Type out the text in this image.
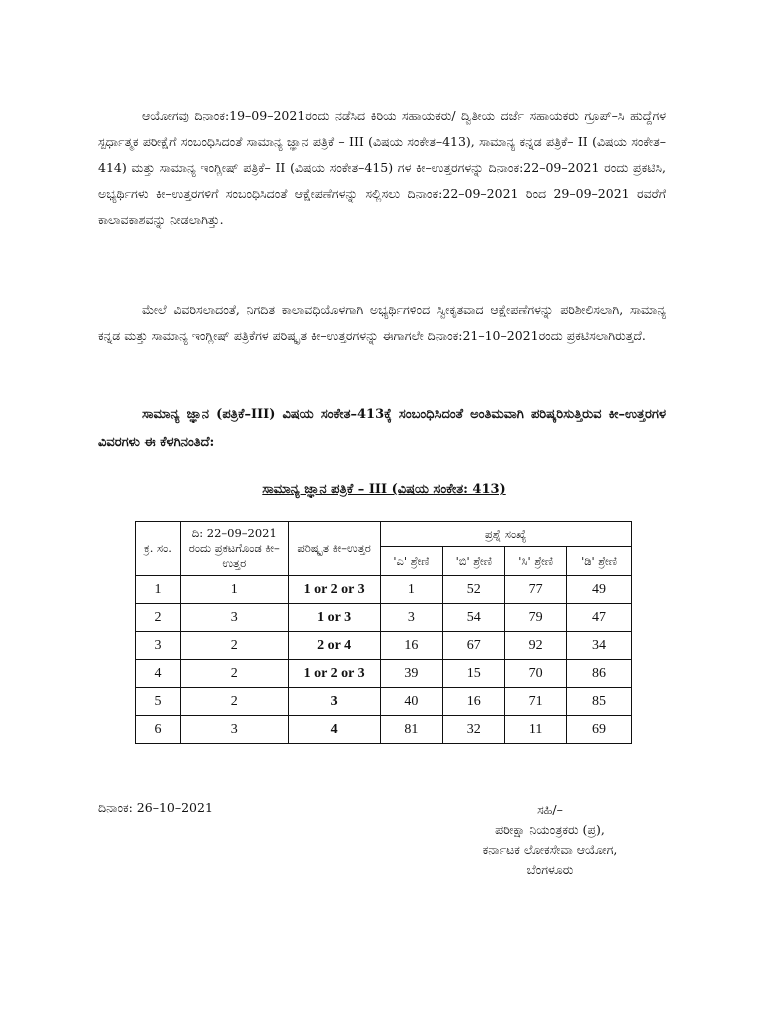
ಆಯೋಗವು ದಿನಾಂಕ:19–09–2021ರಂದು ನಡೆಸಿದ ಕಿರಿಯ ಸಹಾಯಕರು/ ದ್ವಿತೀಯ ದರ್ಜೆ ಸಹಾಯಕರು ಗ್ರೂಪ್–ಸಿ ಹುದ್ದೆಗಳ ಸ್ಪರ್ಧಾತ್ಮಕ ಪರೀಕ್ಷೆಗೆ ಸಂಬಂಧಿಸಿದಂತೆ ಸಾಮಾನ್ಯ ಜ್ಞಾನ ಪತ್ರಿಕೆ – III (ವಿಷಯ ಸಂಕೇತ–413), ಸಾಮಾನ್ಯ ಕನ್ನಡ ಪತ್ರಿಕೆ– II (ವಿಷಯ ಸಂಕೇತ–414) ಮತ್ತು ಸಾಮಾನ್ಯ ಇಂಗ್ಲೀಷ್ ಪತ್ರಿಕೆ– II (ವಿಷಯ ಸಂಕೇತ–415) ಗಳ ಕೀ–ಉತ್ತರಗಳನ್ನು ದಿನಾಂಕ:22–09–2021 ರಂದು ಪ್ರಕಟಿಸಿ, ಅಭ್ಯರ್ಥಿಗಳು ಕೀ–ಉತ್ತರಗಳಿಗೆ ಸಂಬಂಧಿಸಿದಂತೆ ಆಕ್ಷೇಪಣೆಗಳನ್ನು ಸಲ್ಲಿಸಲು ದಿನಾಂಕ:22–09–2021 ರಿಂದ 29–09–2021 ರವರೆಗೆ ಕಾಲಾವಕಾಶವನ್ನು ನೀಡಲಾಗಿತ್ತು.

ಮೇಲೆ ವಿವರಿಸಲಾದಂತೆ, ನಿಗದಿತ ಕಾಲಾವಧಿಯೊಳಗಾಗಿ ಅಭ್ಯರ್ಥಿಗಳಿಂದ ಸ್ವೀಕೃತವಾದ ಆಕ್ಷೇಪಣೆಗಳನ್ನು ಪರಿಶೀಲಿಸಲಾಗಿ, ಸಾಮಾನ್ಯ ಕನ್ನಡ ಮತ್ತು ಸಾಮಾನ್ಯ ಇಂಗ್ಲೀಷ್ ಪತ್ರಿಕೆಗಳ ಪರಿಷ್ಕೃತ ಕೀ–ಉತ್ತರಗಳನ್ನು ಈಗಾಗಲೇ ದಿನಾಂಕ:21–10–2021ರಂದು ಪ್ರಕಟಿಸಲಾಗಿರುತ್ತದೆ.

ಸಾಮಾನ್ಯ ಜ್ಞಾನ (ಪತ್ರಿಕೆ–III) ವಿಷಯ ಸಂಕೇತ–413ಕ್ಕೆ ಸಂಬಂಧಿಸಿದಂತೆ ಅಂತಿಮವಾಗಿ ಪರಿಷ್ಕರಿಸುತ್ತಿರುವ ಕೀ–ಉತ್ತರಗಳ ವಿವರಗಳು ಈ ಕೆಳಗಿನಂತಿದೆ:

ಸಾಮಾನ್ಯ ಜ್ಞಾನ ಪತ್ರಿಕೆ – III (ವಿಷಯ ಸಂಕೇತ: 413)
ಕ್ರ. ಸಂ.	ದಿ: 22–09–2021 ರಂದು ಪ್ರಕಟಗೊಂಡ ಕೀ–ಉತ್ತರ	ಪರಿಷ್ಕೃತ ಕೀ–ಉತ್ತರ	ಪ್ರಶ್ನೆ ಸಂಖ್ಯೆ			
			'ಎ' ಶ್ರೇಣಿ	'ಬಿ' ಶ್ರೇಣಿ	'ಸಿ' ಶ್ರೇಣಿ	'ಡಿ' ಶ್ರೇಣಿ
1	1	1 or 2 or 3	1	52	77	49
2	3	1 or 3	3	54	79	47
3	2	2 or 4	16	67	92	34
4	2	1 or 2 or 3	39	15	70	86
5	2	3	40	16	71	85
6	3	4	81	32	11	69
ದಿನಾಂಕ: 26–10–2021	ಸಹಿ/–
ಪರೀಕ್ಷಾ ನಿಯಂತ್ರಕರು (ಪ್ರ),
ಕರ್ನಾಟಕ ಲೋಕಸೇವಾ ಆಯೋಗ,
ಬೆಂಗಳೂರು
